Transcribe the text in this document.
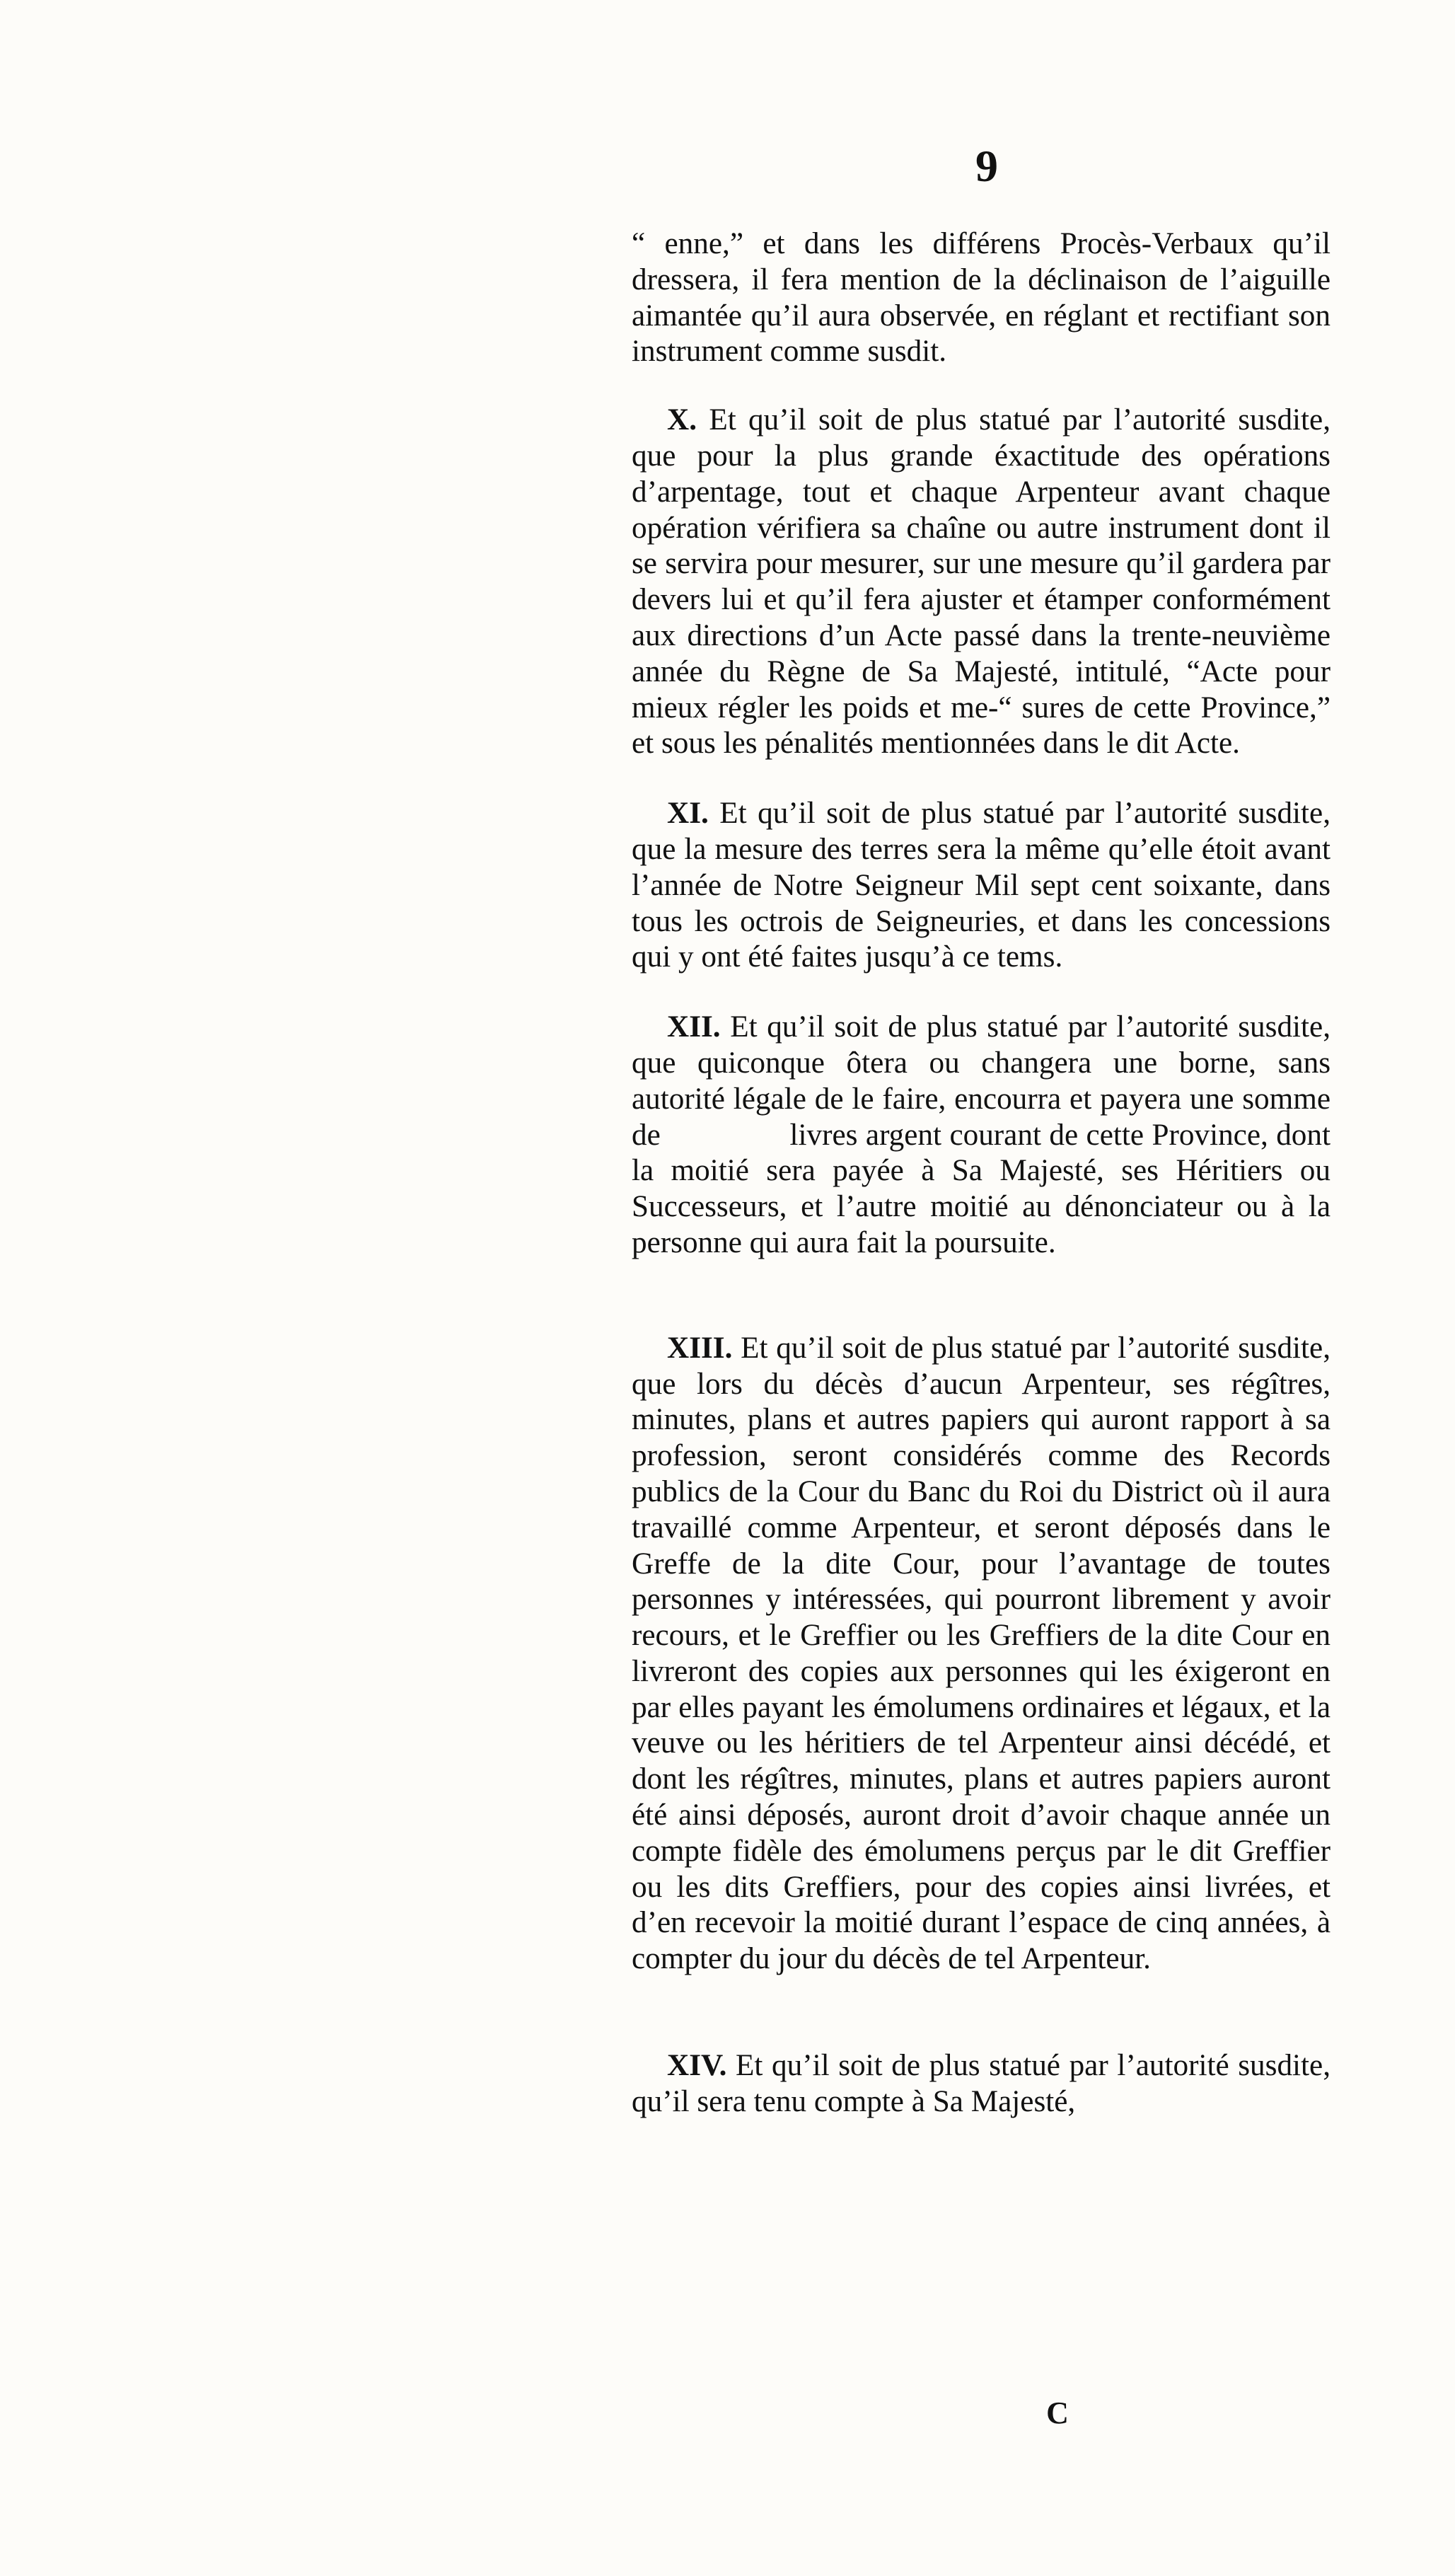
9

“ enne,” et dans les différens Procès-Verbaux qu’il dressera, il fera mention de la déclinaison de l’aiguille aimantée qu’il aura observée, en réglant et rectifiant son instrument comme susdit.

X. Et qu’il soit de plus statué par l’autorité susdite, que pour la plus grande éxactitude des opérations d’arpentage, tout et chaque Arpenteur avant chaque opération vérifiera sa chaîne ou autre instrument dont il se servira pour mesurer, sur une mesure qu’il gardera par devers lui et qu’il fera ajuster et étamper conformément aux directions d’un Acte passé dans la trente-neuvième année du Règne de Sa Majesté, intitulé, “Acte pour mieux régler les poids et me-“ sures de cette Province,” et sous les pénalités mentionnées dans le dit Acte.

XI. Et qu’il soit de plus statué par l’autorité susdite, que la mesure des terres sera la même qu’elle étoit avant l’année de Notre Seigneur Mil sept cent soixante, dans tous les octrois de Seigneuries, et dans les concessions qui y ont été faites jusqu’à ce tems.

XII. Et qu’il soit de plus statué par l’autorité susdite, que quiconque ôtera ou changera une borne, sans autorité légale de le faire, encourra et payera une somme de                livres argent courant de cette Province, dont la moitié sera payée à Sa Majesté, ses Héritiers ou Successeurs, et l’autre moitié au dénonciateur ou à la personne qui aura fait la poursuite.

XIII. Et qu’il soit de plus statué par l’autorité susdite, que lors du décès d’aucun Arpenteur, ses régîtres, minutes, plans et autres papiers qui auront rapport à sa profession, seront considérés comme des Records publics de la Cour du Banc du Roi du District où il aura travaillé comme Arpenteur, et seront déposés dans le Greffe de la dite Cour, pour l’avantage de toutes personnes y intéressées, qui pourront librement y avoir recours, et le Greffier ou les Greffiers de la dite Cour en livreront des copies aux personnes qui les éxigeront en par elles payant les émolumens ordinaires et légaux, et la veuve ou les héritiers de tel Arpenteur ainsi décédé, et dont les régîtres, minutes, plans et autres papiers auront été ainsi déposés, auront droit d’avoir chaque année un compte fidèle des émolumens perçus par le dit Greffier ou les dits Greffiers, pour des copies ainsi livrées, et d’en recevoir la moitié durant l’espace de cinq années, à compter du jour du décès de tel Arpenteur.

XIV. Et qu’il soit de plus statué par l’autorité susdite, qu’il sera tenu compte à Sa Majesté,

C
